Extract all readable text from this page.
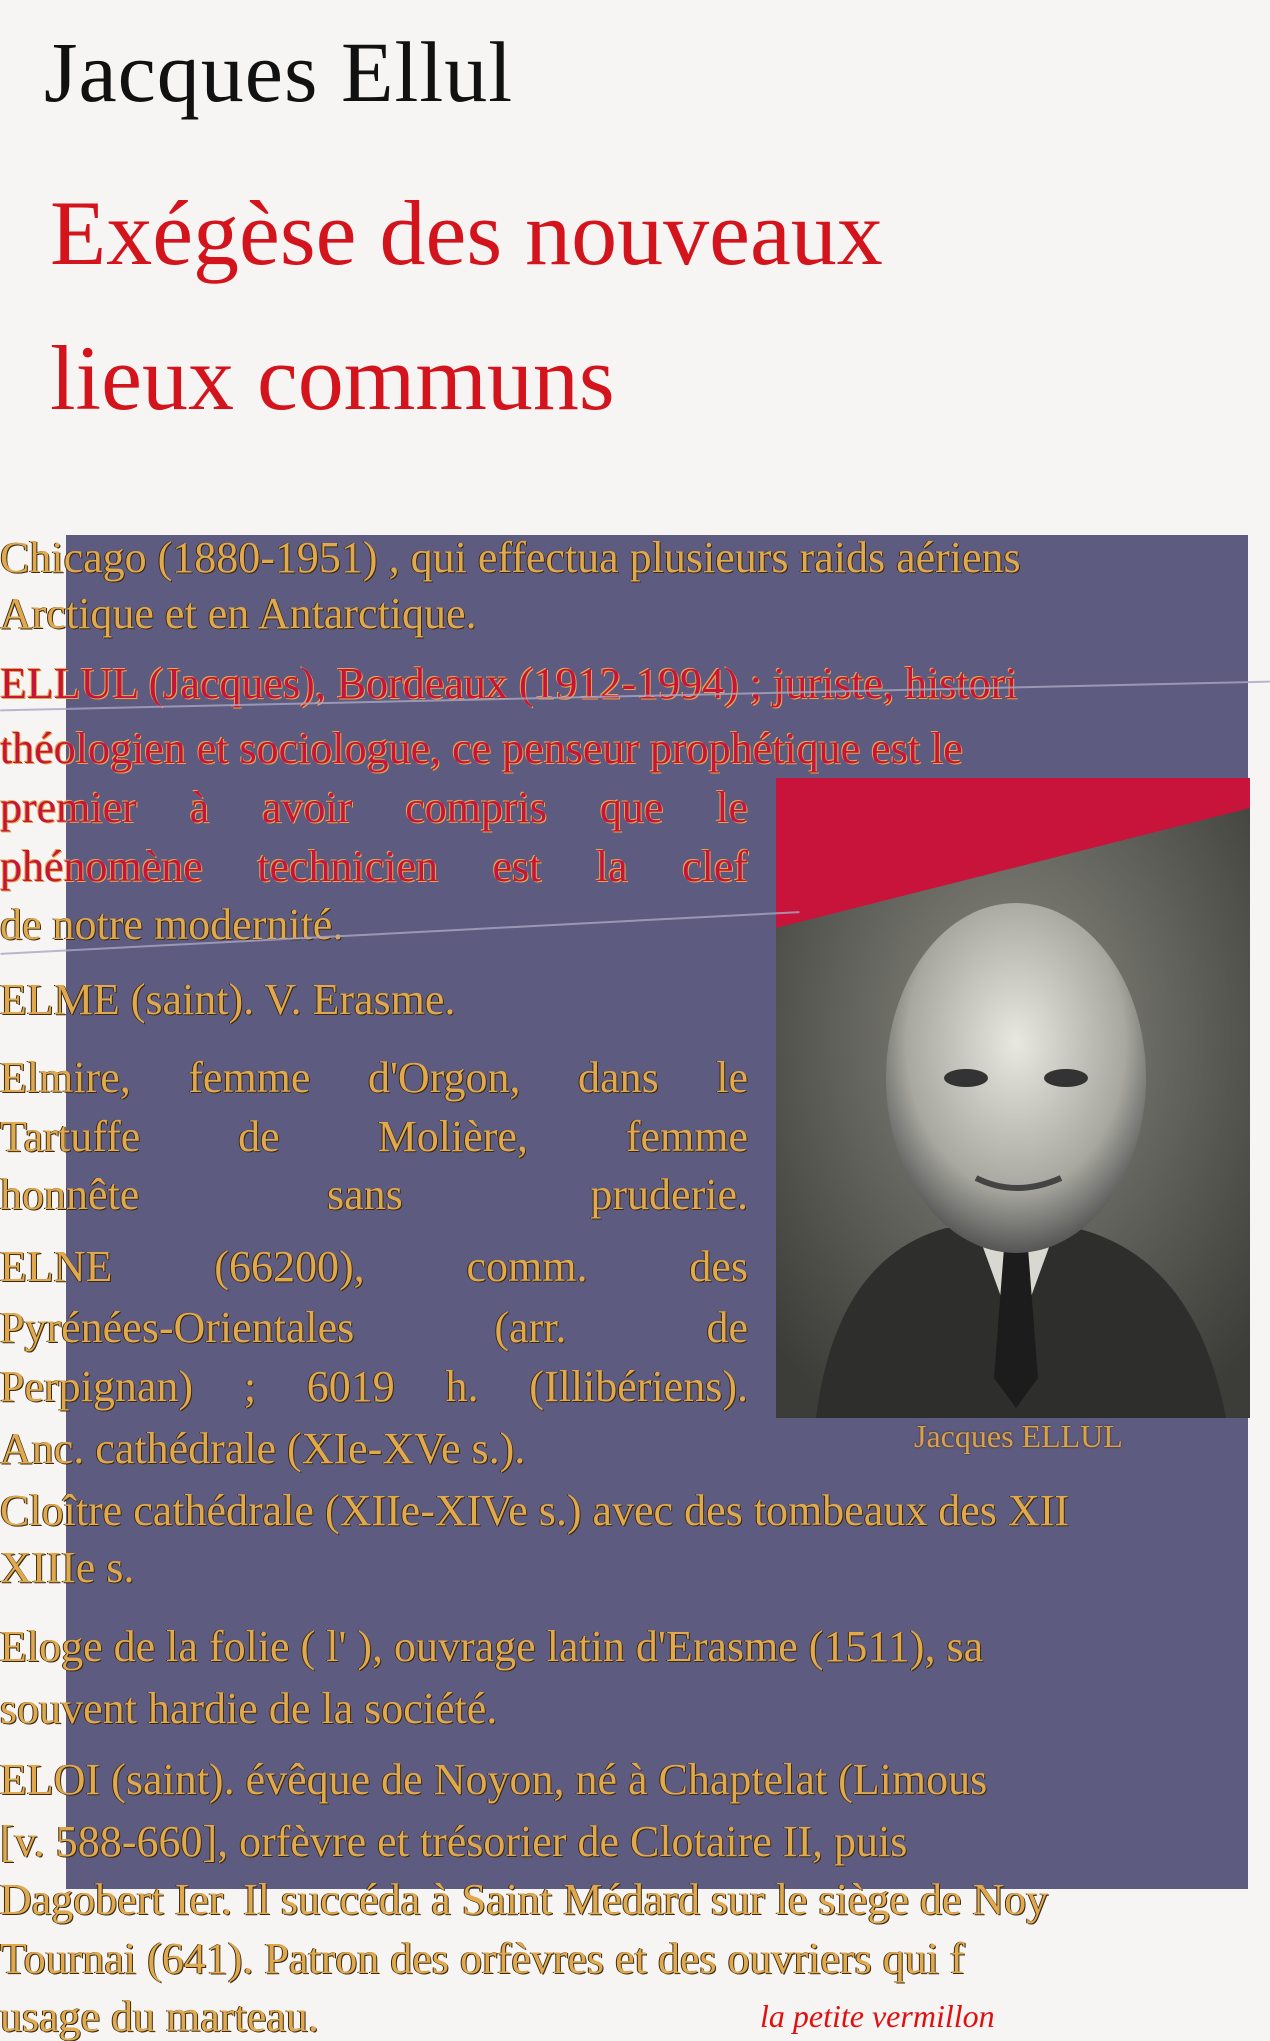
Jacques Ellul
Exégèse des nouveaux
lieux communs
Chicago (1880-1951) , qui effectua plusieurs raids aériens
Arctique et en Antarctique.
ELLUL (Jacques), Bordeaux (1912-1994) ; juriste, histori
théologien et sociologue, ce penseur prophétique est le
premier à avoir compris que le
phénomène technicien est la clef
de notre modernité.
ELME (saint). V. Erasme.
Elmire, femme d'Orgon, dans le
Tartuffe de Molière, femme
honnête sans pruderie.
ELNE (66200), comm. des
Pyrénées-Orientales (arr. de
Perpignan) ; 6019 h. (Illibériens).
Anc. cathédrale (XIe-XVe s.).
Cloître cathédrale (XIIe-XIVe s.) avec des tombeaux des XII
XIIIe s.
Eloge de la folie ( l' ), ouvrage latin d'Erasme (1511), sa
souvent hardie de la société.
ELOI (saint). évêque de Noyon, né à Chaptelat (Limous
[v. 588-660], orfèvre et trésorier de Clotaire II, puis
Dagobert Ier. Il succéda à Saint Médard sur le siège de Noy
Tournai (641). Patron des orfèvres et des ouvriers qui f
usage du marteau.
Jacques ELLUL
la petite vermillon
